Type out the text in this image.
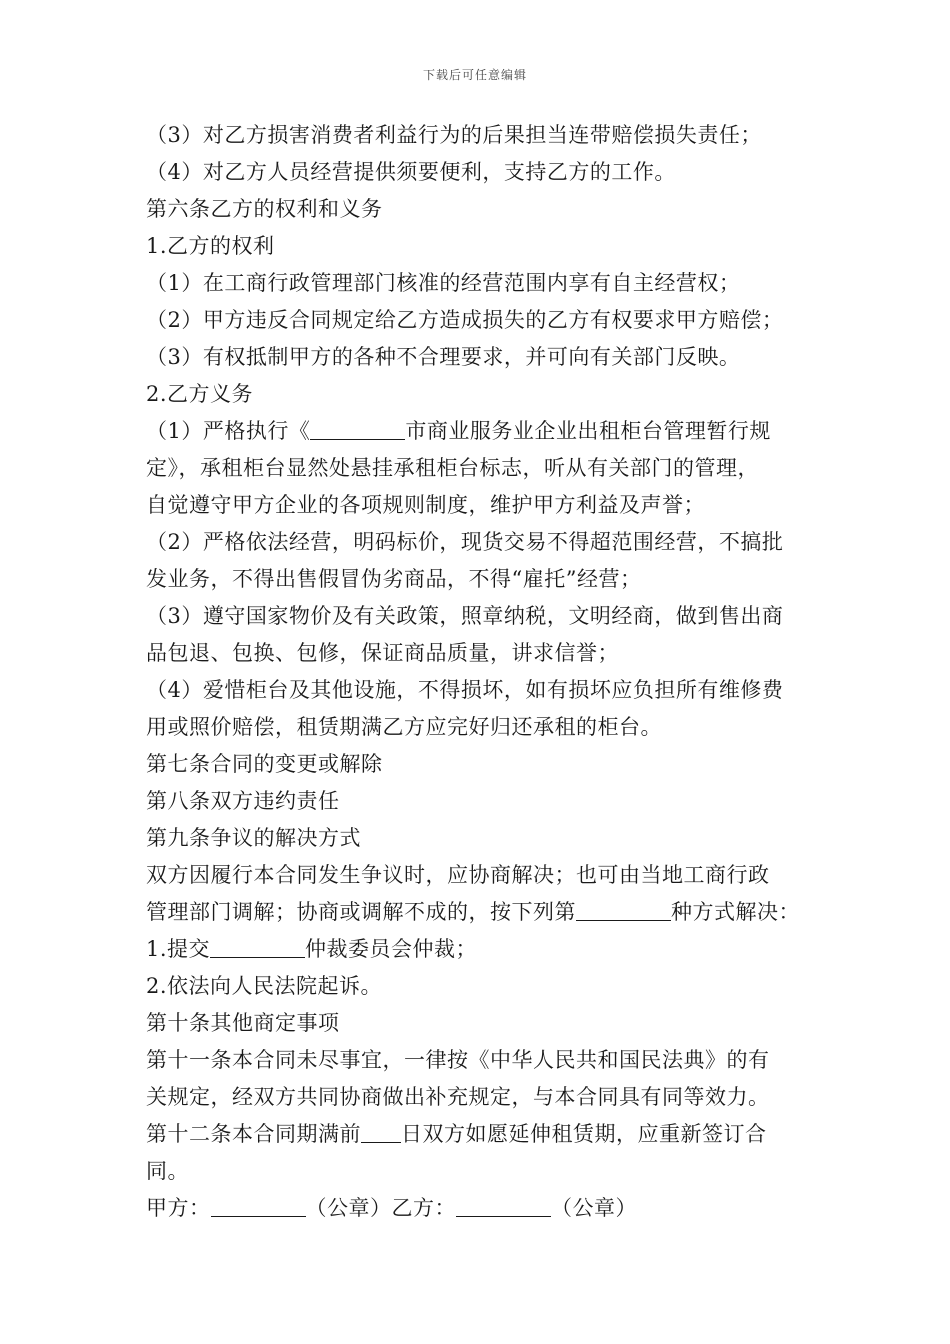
下载后可任意编辑
（3）对乙方损害消费者利益行为的后果担当连带赔偿损失责任；
（4）对乙方人员经营提供须要便利，支持乙方的工作。
第六条乙方的权利和义务
1.乙方的权利
（1）在工商行政管理部门核准的经营范围内享有自主经营权；
（2）甲方违反合同规定给乙方造成损失的乙方有权要求甲方赔偿；
（3）有权抵制甲方的各种不合理要求，并可向有关部门反映。
2.乙方义务
（1）严格执行《	市商业服务业企业出租柜台管理暂行规
定》，承租柜台显然处悬挂承租柜台标志，听从有关部门的管理，
自觉遵守甲方企业的各项规则制度，维护甲方利益及声誉；
（2）严格依法经营，明码标价，现货交易不得超范围经营，不搞批
发业务，不得出售假冒伪劣商品，不得“雇托”经营；
（3）遵守国家物价及有关政策，照章纳税，文明经商，做到售出商
品包退、包换、包修，保证商品质量，讲求信誉；
（4）爱惜柜台及其他设施，不得损坏，如有损坏应负担所有维修费
用或照价赔偿，租赁期满乙方应完好归还承租的柜台。
第七条合同的变更或解除
第八条双方违约责任
第九条争议的解决方式
双方因履行本合同发生争议时，应协商解决；也可由当地工商行政
管理部门调解；协商或调解不成的，按下列第	种方式解决：
1.提交	仲裁委员会仲裁；
2.依法向人民法院起诉。
第十条其他商定事项
第十一条本合同未尽事宜，一律按《中华人民共和国民法典》的有
关规定，经双方共同协商做出补充规定，与本合同具有同等效力。
第十二条本合同期满前 日双方如愿延伸租赁期，应重新签订合
同。
甲方：	（公章）乙方：	（公章）
